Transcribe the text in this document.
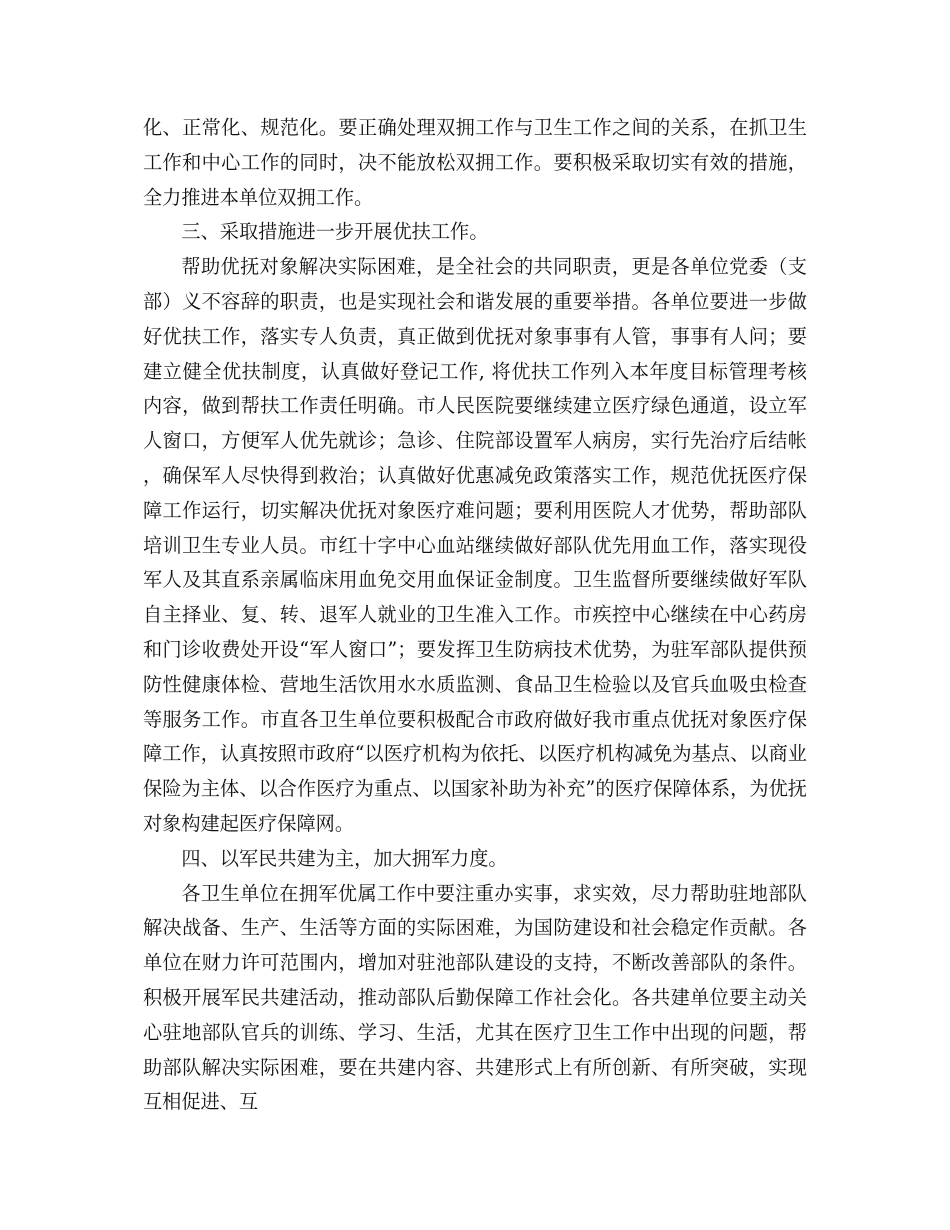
化、正常化、规范化。要正确处理双拥工作与卫生工作之间的关系，在抓卫生工作和中心工作的同时，决不能放松双拥工作。要积极采取切实有效的措施，全力推进本单位双拥工作。

三、采取措施进一步开展优扶工作。

帮助优抚对象解决实际困难，是全社会的共同职责，更是各单位党委（支部）义不容辞的职责，也是实现社会和谐发展的重要举措。各单位要进一步做好优扶工作，落实专人负责，真正做到优抚对象事事有人管，事事有人问；要建立健全优扶制度，认真做好登记工作, 将优扶工作列入本年度目标管理考核内容，做到帮扶工作责任明确。市人民医院要继续建立医疗绿色通道，设立军人窗口，方便军人优先就诊；急诊、住院部设置军人病房，实行先治疗后结帐，确保军人尽快得到救治；认真做好优惠减免政策落实工作，规范优抚医疗保障工作运行，切实解决优抚对象医疗难问题；要利用医院人才优势，帮助部队培训卫生专业人员。市红十字中心血站继续做好部队优先用血工作，落实现役军人及其直系亲属临床用血免交用血保证金制度。卫生监督所要继续做好军队自主择业、复、转、退军人就业的卫生准入工作。市疾控中心继续在中心药房和门诊收费处开设“军人窗口”；要发挥卫生防病技术优势，为驻军部队提供预防性健康体检、营地生活饮用水水质监测、食品卫生检验以及官兵血吸虫检查等服务工作。市直各卫生单位要积极配合市政府做好我市重点优抚对象医疗保障工作，认真按照市政府“以医疗机构为依托、以医疗机构减免为基点、以商业保险为主体、以合作医疗为重点、以国家补助为补充”的医疗保障体系，为优抚对象构建起医疗保障网。

四、以军民共建为主，加大拥军力度。

各卫生单位在拥军优属工作中要注重办实事，求实效，尽力帮助驻地部队解决战备、生产、生活等方面的实际困难，为国防建设和社会稳定作贡献。各单位在财力许可范围内，增加对驻池部队建设的支持，不断改善部队的条件。积极开展军民共建活动，推动部队后勤保障工作社会化。各共建单位要主动关心驻地部队官兵的训练、学习、生活，尤其在医疗卫生工作中出现的问题，帮助部队解决实际困难，要在共建内容、共建形式上有所创新、有所突破，实现互相促进、互
